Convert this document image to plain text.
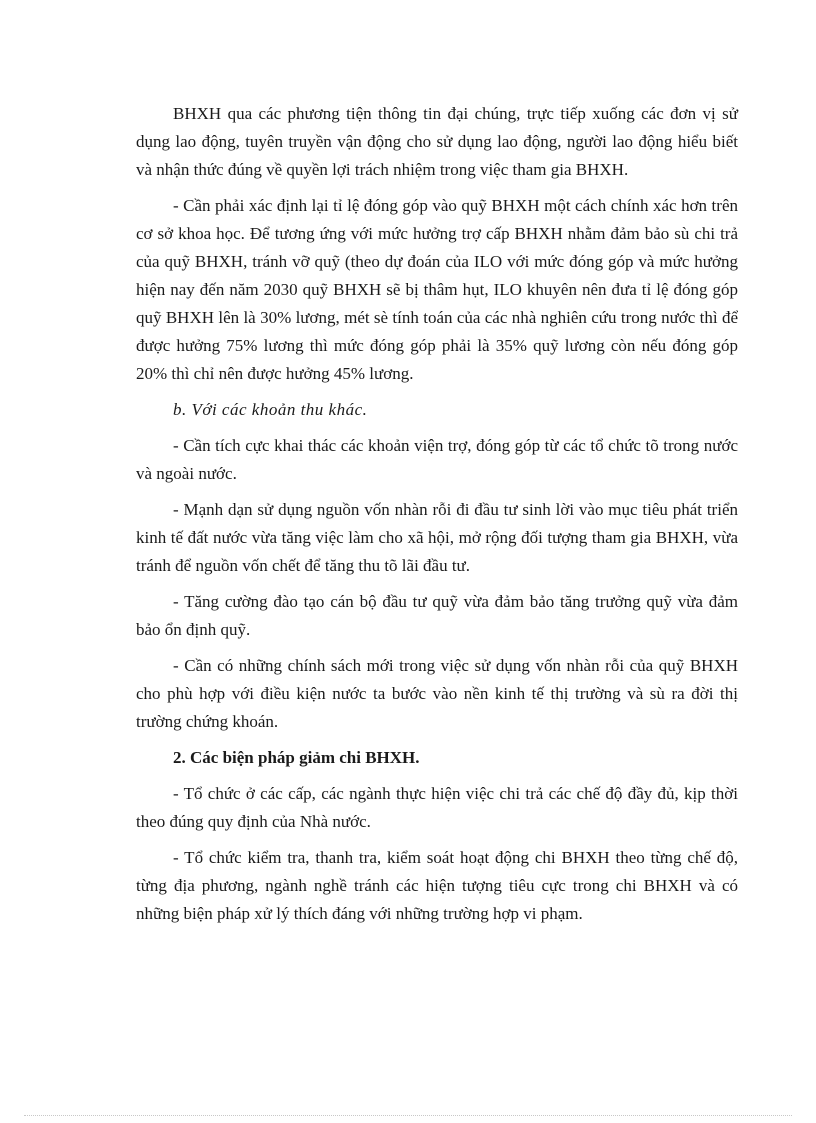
BHXH qua các phương tiện thông tin đại chúng, trực tiếp xuống các đơn vị sử dụng lao động, tuyên truyền vận động cho sử dụng lao động, người lao động hiểu biết và nhận thức đúng về quyền lợi trách nhiệm trong việc tham gia BHXH.

- Cần phải xác định lại tỉ lệ đóng góp vào quỹ BHXH một cách chính xác hơn trên cơ sở khoa học. Để tương ứng với mức hưởng trợ cấp BHXH nhằm đảm bảo sù chi trả của quỹ BHXH, tránh vỡ quỹ (theo dự đoán của ILO với mức đóng góp và mức hưởng hiện nay đến năm 2030 quỹ BHXH sẽ bị thâm hụt, ILO khuyên nên đưa tỉ lệ đóng góp quỹ BHXH lên là 30% lương, mét sè tính toán của các nhà nghiên cứu trong nước thì để được hưởng 75% lương thì mức đóng góp phải là 35% quỹ lương còn nếu đóng góp 20% thì chỉ nên được hưởng 45% lương.

b. Với các khoản thu khác.

- Cần tích cực khai thác các khoản viện trợ, đóng góp từ các tổ chức tõ trong nước và ngoài nước.

- Mạnh dạn sử dụng nguồn vốn nhàn rỗi đi đầu tư sinh lời vào mục tiêu phát triển kinh tế đất nước vừa tăng việc làm cho xã hội, mở rộng đối tượng tham gia BHXH, vừa tránh để nguồn vốn chết để tăng thu tõ lãi đầu tư.

- Tăng cường đào tạo cán bộ đầu tư quỹ vừa đảm bảo tăng trưởng quỹ vừa đảm bảo ổn định quỹ.

- Cần có những chính sách mới trong việc sử dụng vốn nhàn rỗi của quỹ BHXH cho phù hợp với điều kiện nước ta bước vào nền kinh tế thị trường và sù ra đời thị trường chứng khoán.

2. Các biện pháp giảm chi BHXH.

- Tổ chức ở các cấp, các ngành thực hiện việc chi trả các chế độ đầy đủ, kịp thời theo đúng quy định của Nhà nước.

- Tổ chức kiểm tra, thanh tra, kiểm soát hoạt động chi BHXH theo từng chế độ, từng địa phương, ngành nghề tránh các hiện tượng tiêu cực trong chi BHXH và có những biện pháp xử lý thích đáng với những trường hợp vi phạm.
